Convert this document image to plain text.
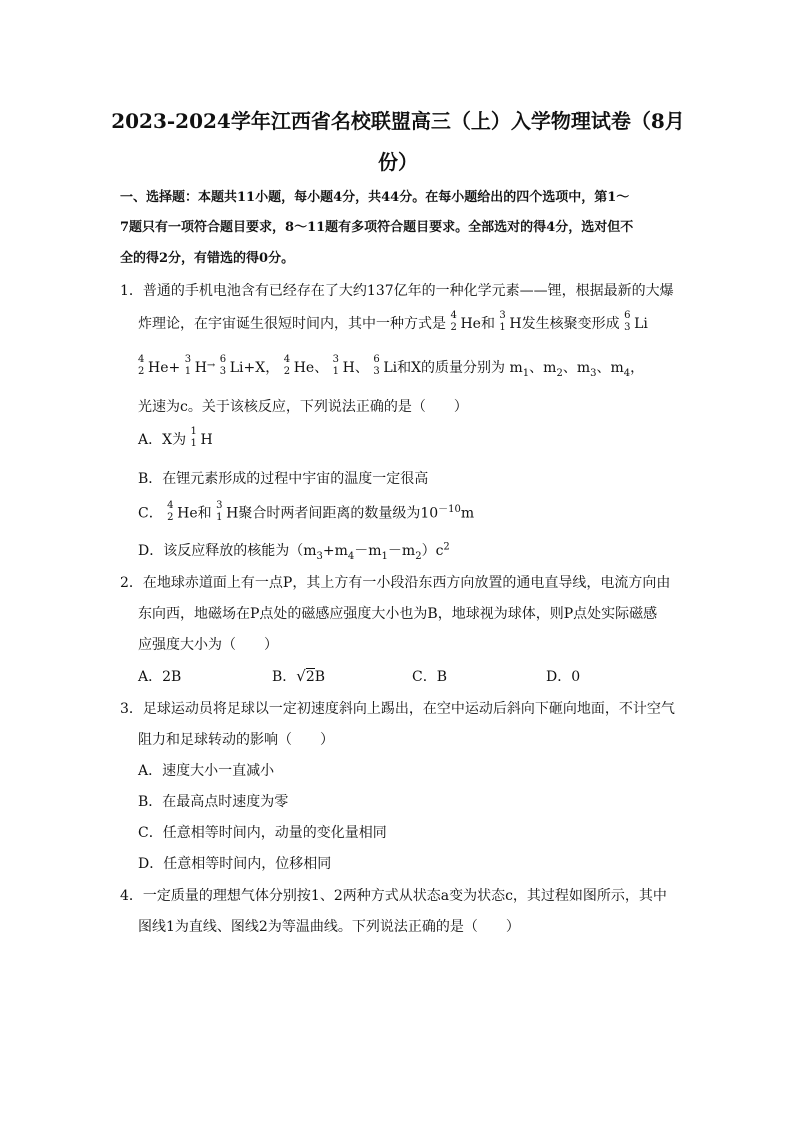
2023-2024学年江西省名校联盟高三（上）入学物理试卷（8月
份）
一、选择题：本题共11小题，每小题4分，共44分。在每小题给出的四个选项中，第1～
7题只有一项符合题目要求，8～11题有多项符合题目要求。全部选对的得4分，选对但不
全的得2分，有错选的得0分。
1．普通的手机电池含有已经存在了大约137亿年的一种化学元素——锂，根据最新的大爆
炸理论，在宇宙诞生很短时间内，其中一种方式是
4
2 He和
3
1 H发生核聚变形成
6
3 Li
4
2 He+
3
1 H→
6
3 Li+X，
4
2 He、
3
1 H、
6
3 Li和X的质量分别为 $m_1$、$m_2$、$m_3$、$m_4$，
光速为c。关于该核反应，下列说法正确的是（　　）
A．X为
1
1 H
B．在锂元素形成的过程中宇宙的温度一定很高
C．
4
2 He和
3
1 H聚合时两者间距离的数量级为$10^{-10}m$
D．该反应释放的核能为$(m_3+m_4-m_1-m_2)c^2$
2．在地球赤道面上有一点P，其上方有一小段沿东西方向放置的通电直导线，电流方向由
东向西，地磁场在P点处的磁感应强度大小也为B，地球视为球体，则P点处实际磁感
应强度大小为（　　）
A．2B	B．√2B	C．B	D．0
3．足球运动员将足球以一定初速度斜向上踢出，在空中运动后斜向下砸向地面，不计空气
阻力和足球转动的影响（　　）
A．速度大小一直减小
B．在最高点时速度为零
C．任意相等时间内，动量的变化量相同
D．任意相等时间内，位移相同
4．一定质量的理想气体分别按1、2两种方式从状态a变为状态c，其过程如图所示，其中
图线1为直线、图线2为等温曲线。下列说法正确的是（　　）
